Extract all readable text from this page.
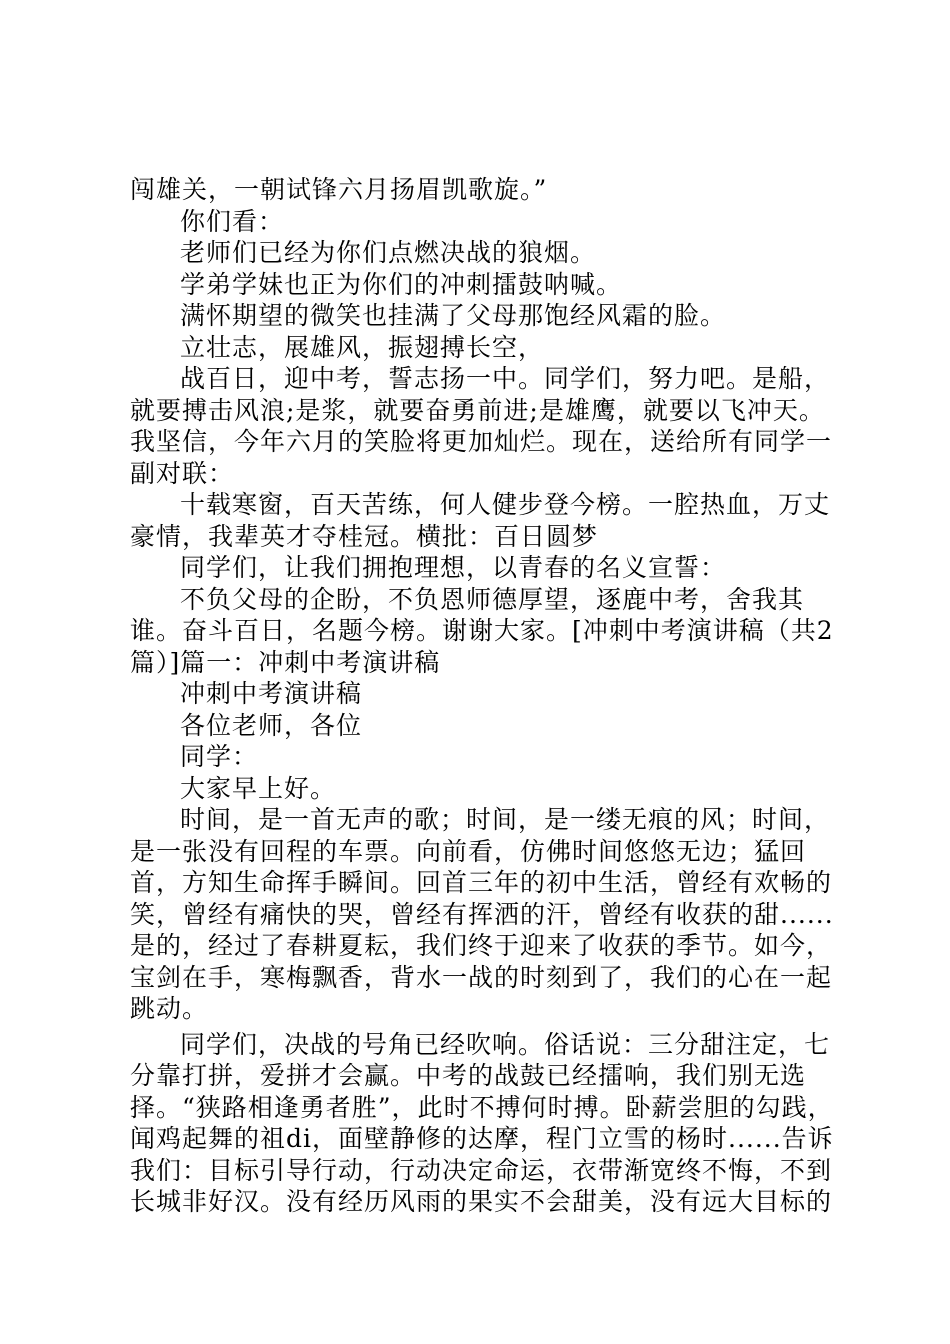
闯雄关，一朝试锋六月扬眉凯歌旋。”

你们看：

老师们已经为你们点燃决战的狼烟。

学弟学妹也正为你们的冲刺擂鼓呐喊。

满怀期望的微笑也挂满了父母那饱经风霜的脸。

立壮志，展雄风，振翅搏长空，

战百日，迎中考，誓志扬一中。同学们，努力吧。是船，就要搏击风浪;是浆，就要奋勇前进;是雄鹰，就要以飞冲天。我坚信，今年六月的笑脸将更加灿烂。现在，送给所有同学一副对联：

十载寒窗，百天苦练，何人健步登今榜。一腔热血，万丈豪情，我辈英才夺桂冠。横批：百日圆梦

同学们，让我们拥抱理想，以青春的名义宣誓：

不负父母的企盼，不负恩师德厚望，逐鹿中考，舍我其谁。奋斗百日，名题今榜。谢谢大家。[冲刺中考演讲稿（共2篇）]篇一：冲刺中考演讲稿

冲刺中考演讲稿

各位老师，各位

同学：

大家早上好。

时间，是一首无声的歌；时间，是一缕无痕的风；时间，是一张没有回程的车票。向前看，仿佛时间悠悠无边；猛回首，方知生命挥手瞬间。回首三年的初中生活，曾经有欢畅的笑，曾经有痛快的哭，曾经有挥洒的汗，曾经有收获的甜......是的，经过了春耕夏耘，我们终于迎来了收获的季节。如今，宝剑在手，寒梅飘香，背水一战的时刻到了，我们的心在一起跳动。

同学们，决战的号角已经吹响。俗话说：三分甜注定，七分靠打拼，爱拼才会赢。中考的战鼓已经擂响，我们别无选择。“狭路相逢勇者胜”，此时不搏何时搏。卧薪尝胆的勾践，闻鸡起舞的祖di，面壁静修的达摩，程门立雪的杨时......告诉我们：目标引导行动，行动决定命运，衣带渐宽终不悔，不到长城非好汉。没有经历风雨的果实不会甜美，没有远大目标的
